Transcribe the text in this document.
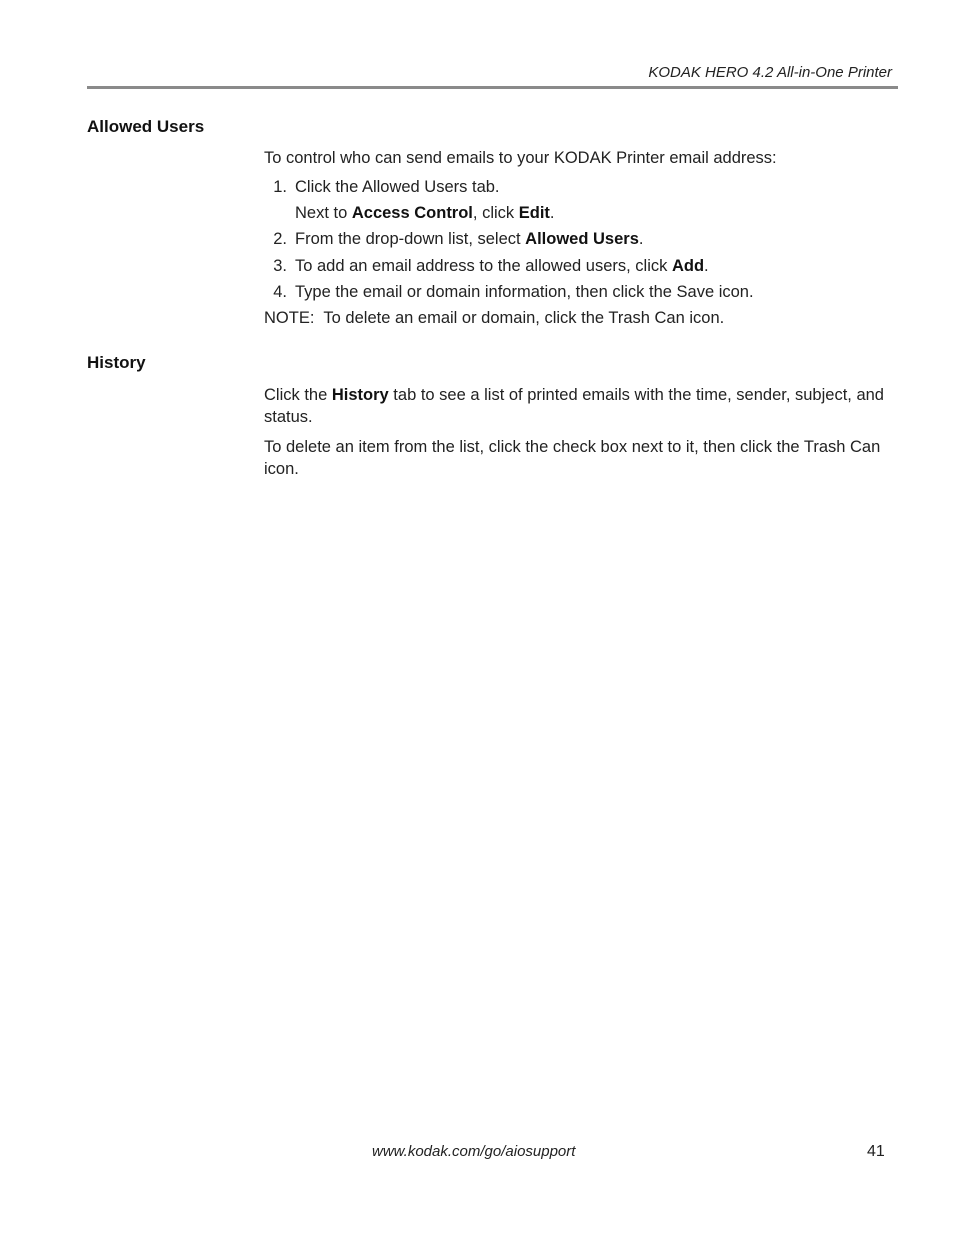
KODAK HERO 4.2 All-in-One Printer
Allowed Users
To control who can send emails to your KODAK Printer email address:
1. Click the Allowed Users tab.
Next to Access Control, click Edit.
2. From the drop-down list, select Allowed Users.
3. To add an email address to the allowed users, click Add.
4. Type the email or domain information, then click the Save icon.
NOTE: To delete an email or domain, click the Trash Can icon.
History
Click the History tab to see a list of printed emails with the time, sender, subject, and status.
To delete an item from the list, click the check box next to it, then click the Trash Can icon.
www.kodak.com/go/aiosupport	41
